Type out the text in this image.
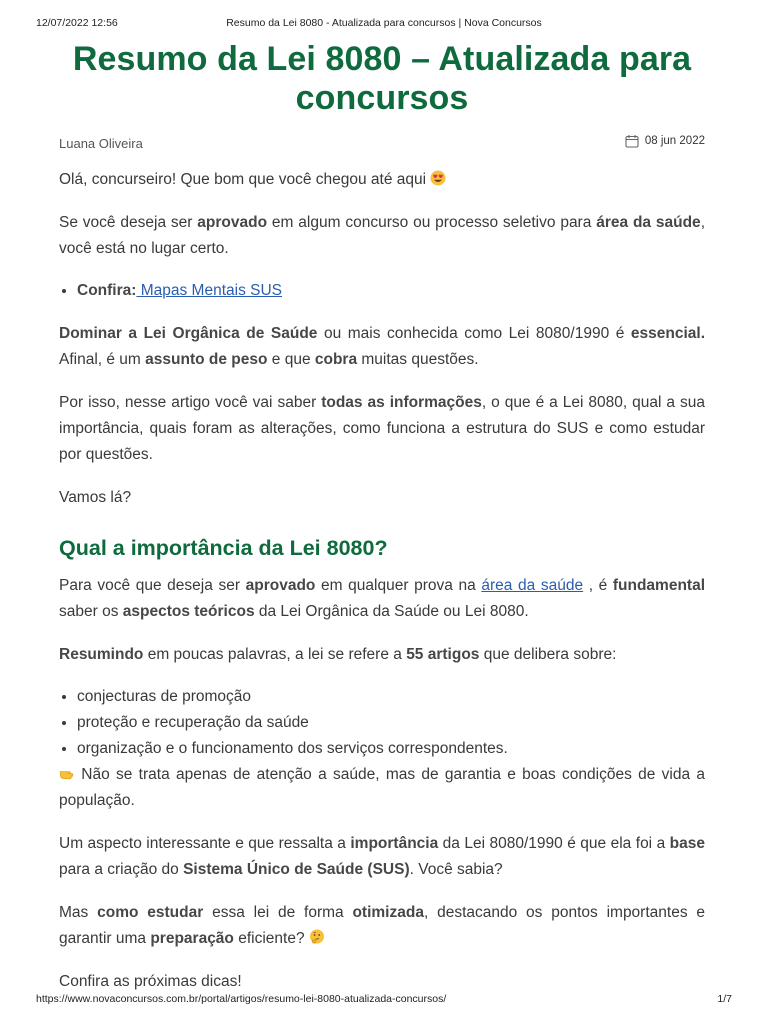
12/07/2022 12:56	Resumo da Lei 8080 - Atualizada para concursos | Nova Concursos
Resumo da Lei 8080 – Atualizada para concursos
Luana Oliveira	08 jun 2022

Olá, concurseiro! Que bom que você chegou até aqui

Se você deseja ser aprovado em algum concurso ou processo seletivo para área da saúde, você está no lugar certo.

• Confira: Mapas Mentais SUS

Dominar a Lei Orgânica de Saúde ou mais conhecida como Lei 8080/1990 é essencial. Afinal, é um assunto de peso e que cobra muitas questões.

Por isso, nesse artigo você vai saber todas as informações, o que é a Lei 8080, qual a sua importância, quais foram as alterações, como funciona a estrutura do SUS e como estudar por questões.

Vamos lá?

Qual a importância da Lei 8080?

Para você que deseja ser aprovado em qualquer prova na área da saúde , é fundamental saber os aspectos teóricos da Lei Orgânica da Saúde ou Lei 8080.

Resumindo em poucas palavras, a lei se refere a 55 artigos que delibera sobre:

• conjecturas de promoção
• proteção e recuperação da saúde
• organização e o funcionamento dos serviços correspondentes.

Não se trata apenas de atenção a saúde, mas de garantia e boas condições de vida a população.

Um aspecto interessante e que ressalta a importância da Lei 8080/1990 é que ela foi a base para a criação do Sistema Único de Saúde (SUS). Você sabia?

Mas como estudar essa lei de forma otimizada, destacando os pontos importantes e garantir uma preparação eficiente?

Confira as próximas dicas!

https://www.novaconcursos.com.br/portal/artigos/resumo-lei-8080-atualizada-concursos/	1/7
